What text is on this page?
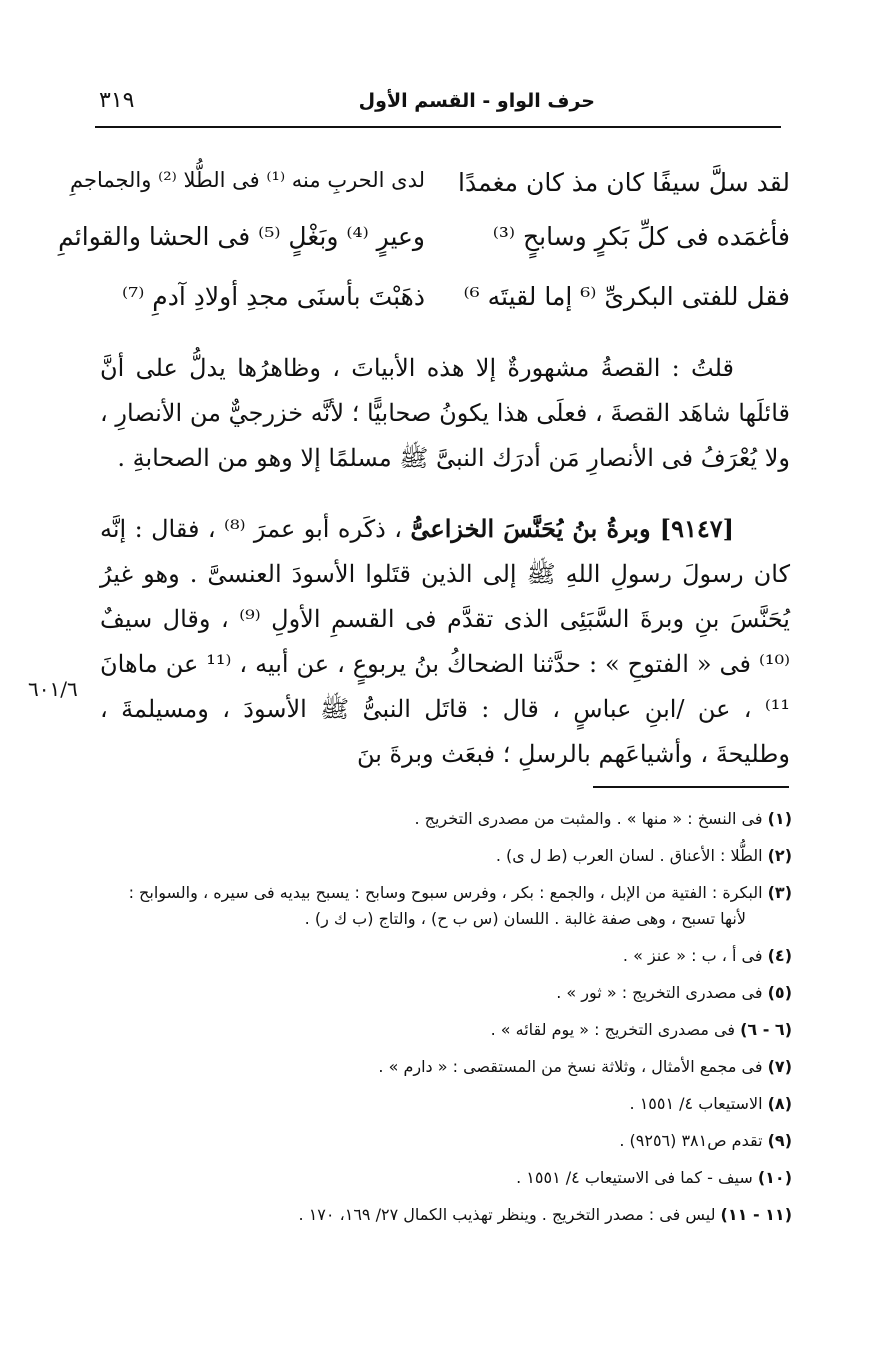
حرف الواو - القسم الأول
٣١٩
لقد سلَّ سيفًا كان مذ كان مغمدًا
لدى الحربِ منه ⁽¹⁾ فى الطُّلا ⁽²⁾ والجماجمِ
فأغمَده فى كلِّ بَكرٍ وسابحٍ ⁽³⁾
وعيرٍ ⁽⁴⁾ وبَغْلٍ ⁽⁵⁾ فى الحشا والقوائمِ
فقل للفتى البكرىِّ ⁽⁶ إما لقيتَه ⁶⁾
ذهَبْتَ بأسنَى مجدِ أولادِ آدمِ ⁽⁷⁾

قلتُ : القصةُ مشهورةٌ إلا هذه الأبياتَ ، وظاهرُها يدلُّ على أنَّ قائلَها شاهَد القصةَ ، فعلَى هذا يكونُ صحابيًّا ؛ لأنَّه خزرجيٌّ من الأنصارِ ، ولا يُعْرَفُ فى الأنصارِ مَن أدرَك النبىَّ ﷺ مسلمًا إلا وهو من الصحابةِ .

[٩١٤٧] وبرةُ بنُ يُحَنَّسَ الخزاعىُّ ، ذكَره أبو عمرَ ⁽⁸⁾ ، فقال : إنَّه كان رسولَ رسولِ اللهِ ﷺ إلى الذين قتَلوا الأسودَ العنسىَّ . وهو غيرُ يُحَنَّسَ بنِ وبرةَ السَّبَئِى الذى تقدَّم فى القسمِ الأولِ ⁽⁹⁾ ، وقال سيفٌ ⁽¹⁰⁾ فى « الفتوحِ » : حدَّثنا الضحاكُ بنُ يربوعٍ ، عن أبيه ، ⁽¹¹ عن ماهانَ ¹¹⁾ ، عن /ابنِ عباسٍ ، قال : قاتَل النبىُّ ﷺ الأسودَ ، ومسيلمةَ ، وطليحةَ ، وأشياعَهم بالرسلِ ؛ فبعَث وبرةَ بنَ

٦٠١/٦

(١) فى النسخ : « منها » . والمثبت من مصدرى التخريج .

(٢) الطُّلا : الأعناق . لسان العرب (ط ل ى) .

(٣) البكرة : الفتية من الإبل ، والجمع : بكر ، وفرس سبوح وسابح : يسبح بيديه فى سيره ، والسوابح :
لأنها تسبح ، وهى صفة غالبة . اللسان (س ب ح) ، والتاج (ب ك ر) .

(٤) فى أ ، ب : « عنز » .

(٥) فى مصدرى التخريج : « ثور » .

(٦ - ٦) فى مصدرى التخريج : « يوم لقائه » .

(٧) فى مجمع الأمثال ، وثلاثة نسخ من المستقصى : « دارم » .

(٨) الاستيعاب ٤/ ١٥٥١ .

(٩) تقدم ص٣٨١ (٩٢٥٦) .

(١٠) سيف - كما فى الاستيعاب ٤/ ١٥٥١ .

(١١ - ١١) ليس فى : مصدر التخريج . وينظر تهذيب الكمال ٢٧/ ١٦٩، ١٧٠ .
